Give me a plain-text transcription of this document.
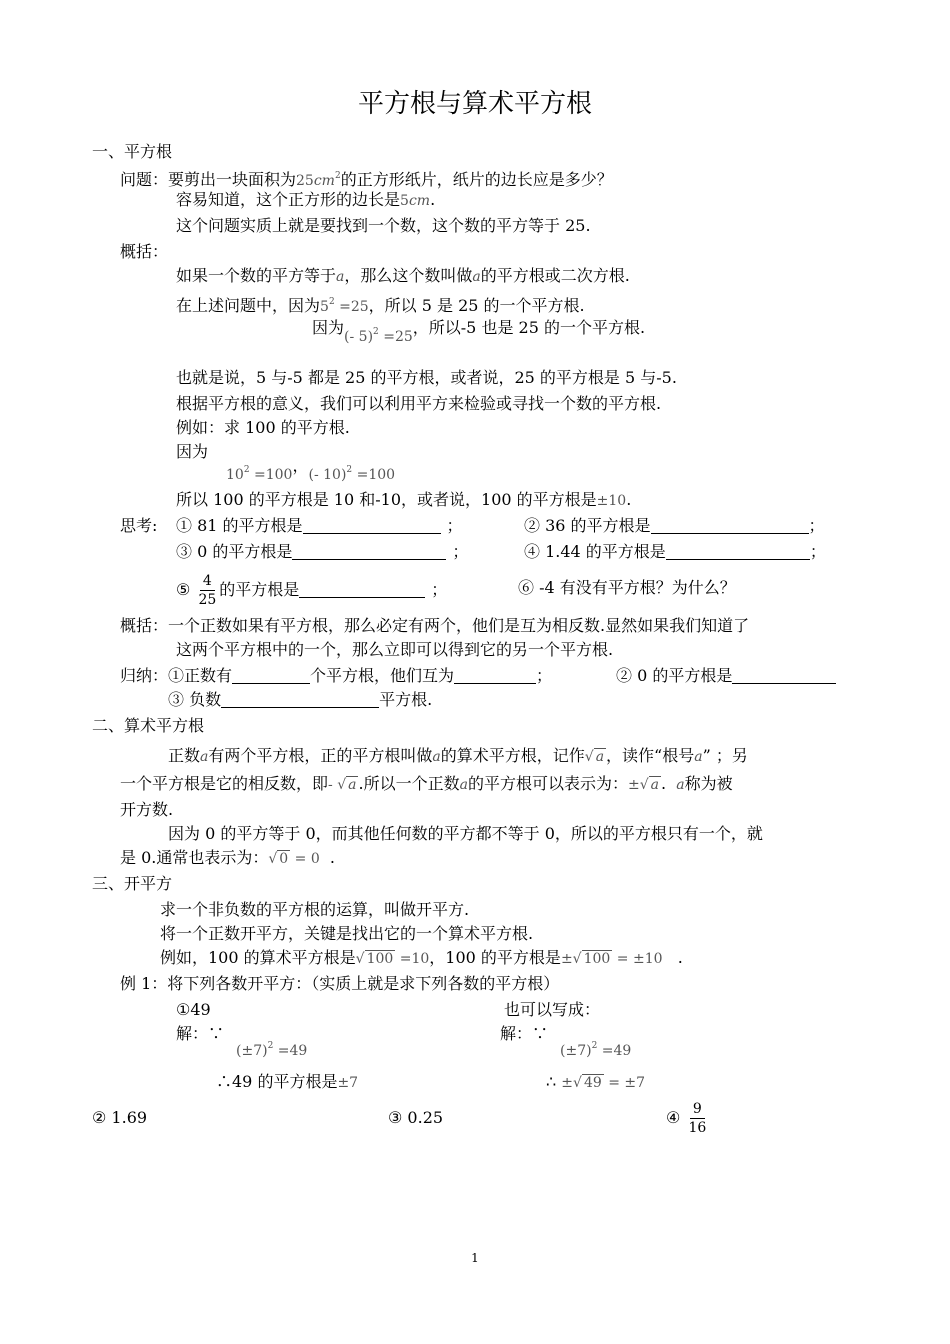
平方根与算术平方根
一、平方根
问题：要剪出一块面积为$25cm^2$的正方形纸片，纸片的边长应是多少？
容易知道，这个正方形的边长是5cm.
这个问题实质上就是要找到一个数，这个数的平方等于 25.
概括：
如果一个数的平方等于a，那么这个数叫做a的平方根或二次方根.
在上述问题中，因为$5^2 =25$，所以 5 是 25 的一个平方根.
因为(- 5)2 =25，所以-5 也是 25 的一个平方根.
也就是说，5 与-5 都是 25 的平方根，或者说，25 的平方根是 5 与-5.
根据平方根的意义，我们可以利用平方来检验或寻找一个数的平方根.
例如：求 100 的平方根.
因为
$10^2 =100$，(- 10)$^2$ =100
所以 100 的平方根是 10 和-10，或者说，100 的平方根是±10.
思考: ① 81 的平方根是	；	② 36 的平方根是	；
③ 0 的平方根是	；	④ 1.44 的平方根是	；
⑤ $\frac{4}{25}$ 的平方根是	；	⑥ -4 有没有平方根？为什么？
概括：一个正数如果有平方根，那么必定有两个，他们是互为相反数.显然如果我们知道了
这两个平方根中的一个，那么立即可以得到它的另一个平方根.
归纳：①正数有	个平方根，他们互为	；	② 0 的平方根是
③ 负数	平方根.
二、算术平方根
正数a有两个平方根，正的平方根叫做a的算术平方根，记作√ a ，读作“根号a” ；另
一个平方根是它的相反数，即- √ a .所以一个正数a的平方根可以表示为：±√ a . a称为被
开方数.
因为 0 的平方等于 0，而其他任何数的平方都不等于 0，所以的平方根只有一个，就
是 0.通常也表示为：√ 0 = 0 .
三、开平方
求一个非负数的平方根的运算，叫做开平方.
将一个正数开平方，关键是找出它的一个算术平方根.
例如，100 的算术平方根是√ 100 =10，100 的平方根是±√ 100 = ±10 .
例 1：将下列各数开平方：（实质上就是求下列各数的平方根）
①49	也可以写成：
解：∵
$(\pm 7)^2 =49$
解：∵
$(\pm 7)^2 =49$
∴49 的平方根是±7	∴ ±√ 49 = ±7
② 1.69	③ 0.25	④ $\frac{9}{16}$
1
